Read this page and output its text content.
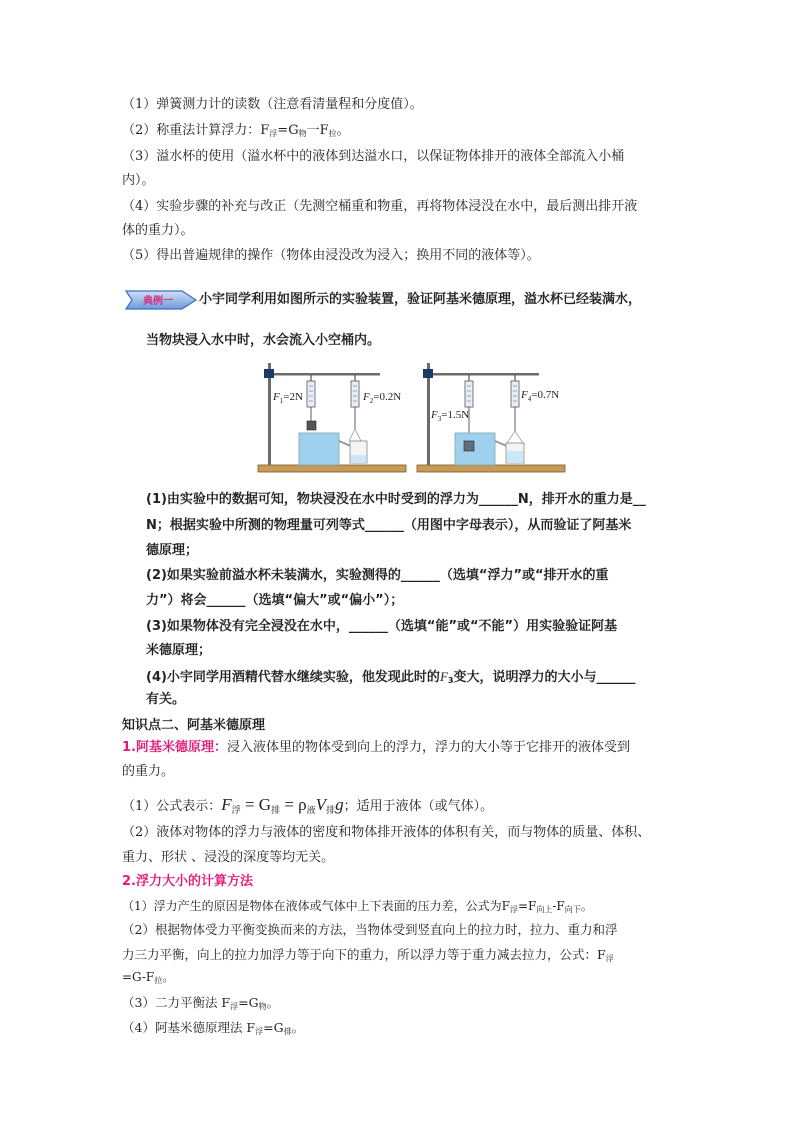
（1）弹簧测力计的读数（注意看清量程和分度值）。
（2）称重法计算浮力：$F_浮=G_物$一$F_拉$。
（3）溢水杯的使用（溢水杯中的液体到达溢水口，以保证物体排开的液体全部流入小桶
内）。
（4）实验步骤的补充与改正（先测空桶重和物重，再将物体浸没在水中，最后测出排开液
体的重力）。
（5）得出普遍规律的操作（物体由浸没改为浸入；换用不同的液体等）。
典例一 小宇同学利用如图所示的实验装置，验证阿基米德原理，溢水杯已经装满水，
当物块浸入水中时，水会流入小空桶内。
$F_1=2N$	$F_2=0.2N$	$F_4=0.7N$
$F_3=1.5N$
(1)由实验中的数据可知，物块浸没在水中时受到的浮力为______N，排开水的重力是__
N；根据实验中所测的物理量可列等式______（用图中字母表示），从而验证了阿基米
德原理；
(2)如果实验前溢水杯未装满水，实验测得的______（选填“浮力”或“排开水的重
力”）将会______（选填“偏大”或“偏小”）；
(3)如果物体没有完全浸没在水中，______（选填“能”或“不能”）用实验验证阿基
米德原理；
(4)小宇同学用酒精代替水继续实验，他发现此时的$F_3$变大，说明浮力的大小与______
有关。
知识点二、阿基米德原理
1.阿基米德原理：浸入液体里的物体受到向上的浮力，浮力的大小等于它排开的液体受到
的重力。
（1）公式表示：F浮 = G排 = ρ液V排g；适用于液体（或气体）。
（2）液体对物体的浮力与液体的密度和物体排开液体的体积有关，而与物体的质量、体积、
重力、形状 、浸没的深度等均无关。
2.浮力大小的计算方法
（1）浮力产生的原因是物体在液体或气体中上下表面的压力差，公式为$F_浮=F_{向上}-F_{向下}$。
（2）根据物体受力平衡变换而来的方法，当物体受到竖直向上的拉力时，拉力、重力和浮
力三力平衡，向上的拉力加浮力等于向下的重力，所以浮力等于重力减去拉力，公式：$F_浮$
$=G-F_拉$。
（3）二力平衡法 $F_浮=G_物$。
（4）阿基米德原理法 $F_浮=G_排$。
